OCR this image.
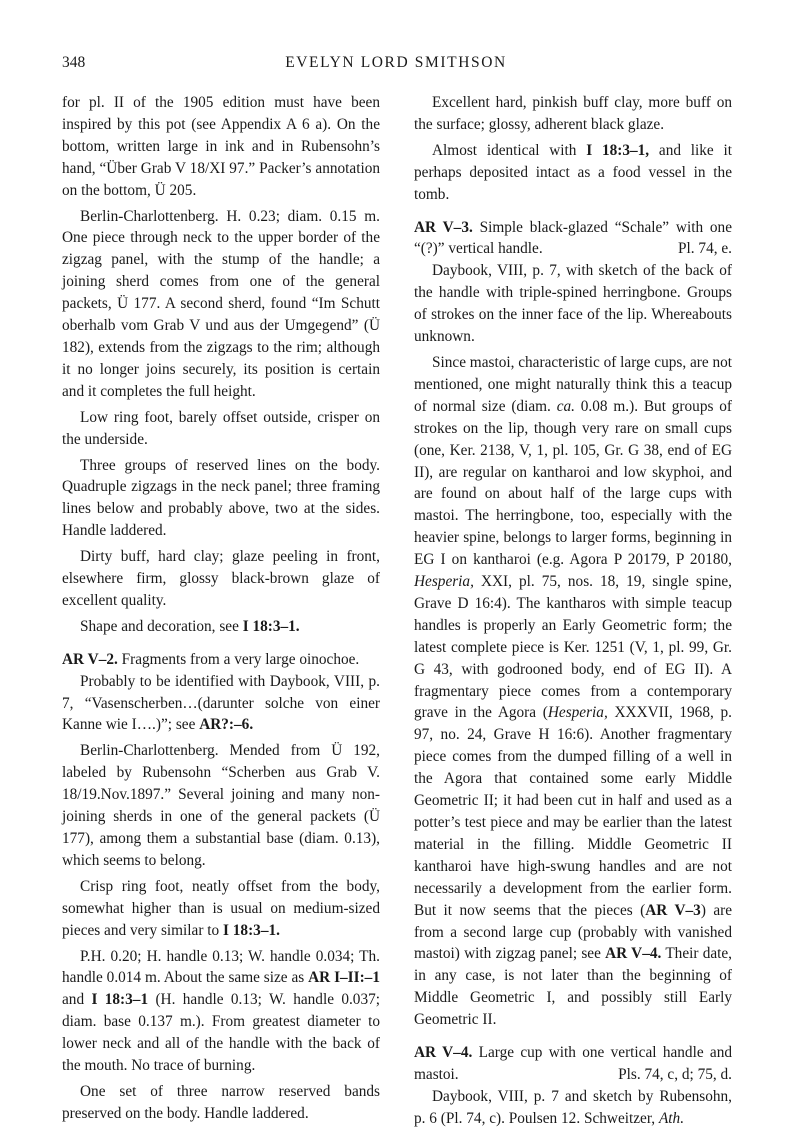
348	EVELYN LORD SMITHSON

for pl. II of the 1905 edition must have been inspired by this pot (see Appendix A 6 a). On the bottom, written large in ink and in Rubensohn’s hand, “Über Grab V 18/XI 97.” Packer’s annotation on the bottom, Ü 205.

Berlin-Charlottenberg. H. 0.23; diam. 0.15 m. One piece through neck to the upper border of the zigzag panel, with the stump of the handle; a joining sherd comes from one of the general packets, Ü 177. A second sherd, found “Im Schutt oberhalb vom Grab V und aus der Umgegend” (Ü 182), extends from the zigzags to the rim; although it no longer joins securely, its position is certain and it completes the full height.

Low ring foot, barely offset outside, crisper on the underside.

Three groups of reserved lines on the body. Quadruple zigzags in the neck panel; three framing lines below and probably above, two at the sides. Handle laddered.

Dirty buff, hard clay; glaze peeling in front, elsewhere firm, glossy black-brown glaze of excellent quality.

Shape and decoration, see I 18:3–1.

AR V–2. Fragments from a very large oinochoe.

Probably to be identified with Daybook, VIII, p. 7, “Vasenscherben…(darunter solche von einer Kanne wie I….)”; see AR?:–6.

Berlin-Charlottenberg. Mended from Ü 192, labeled by Rubensohn “Scherben aus Grab V. 18/19.Nov.1897.” Several joining and many non-joining sherds in one of the general packets (Ü 177), among them a substantial base (diam. 0.13), which seems to belong.

Crisp ring foot, neatly offset from the body, somewhat higher than is usual on medium-sized pieces and very similar to I 18:3–1.

P.H. 0.20; H. handle 0.13; W. handle 0.034; Th. handle 0.014 m. About the same size as AR I–II:–1 and I 18:3–1 (H. handle 0.13; W. handle 0.037; diam. base 0.137 m.). From greatest diameter to lower neck and all of the handle with the back of the mouth. No trace of burning.

One set of three narrow reserved bands preserved on the body. Handle laddered.

Excellent hard, pinkish buff clay, more buff on the surface; glossy, adherent black glaze.

Almost identical with I 18:3–1, and like it perhaps deposited intact as a food vessel in the tomb.

AR V–3. Simple black-glazed “Schale” with one “(?)” vertical handle.	Pl. 74, e.

Daybook, VIII, p. 7, with sketch of the back of the handle with triple-spined herringbone. Groups of strokes on the inner face of the lip. Whereabouts unknown.

Since mastoi, characteristic of large cups, are not mentioned, one might naturally think this a teacup of normal size (diam. ca. 0.08 m.). But groups of strokes on the lip, though very rare on small cups (one, Ker. 2138, V, 1, pl. 105, Gr. G 38, end of EG II), are regular on kantharoi and low skyphoi, and are found on about half of the large cups with mastoi. The herringbone, too, especially with the heavier spine, belongs to larger forms, beginning in EG I on kantharoi (e.g. Agora P 20179, P 20180, Hesperia, XXI, pl. 75, nos. 18, 19, single spine, Grave D 16:4). The kantharos with simple teacup handles is properly an Early Geometric form; the latest complete piece is Ker. 1251 (V, 1, pl. 99, Gr. G 43, with godrooned body, end of EG II). A fragmentary piece comes from a contemporary grave in the Agora (Hesperia, XXXVII, 1968, p. 97, no. 24, Grave H 16:6). Another fragmentary piece comes from the dumped filling of a well in the Agora that contained some early Middle Geometric II; it had been cut in half and used as a potter’s test piece and may be earlier than the latest material in the filling. Middle Geometric II kantharoi have high-swung handles and are not necessarily a development from the earlier form. But it now seems that the pieces (AR V–3) are from a second large cup (probably with vanished mastoi) with zigzag panel; see AR V–4. Their date, in any case, is not later than the beginning of Middle Geometric I, and possibly still Early Geometric II.

AR V–4. Large cup with one vertical handle and mastoi.	Pls. 74, c, d; 75, d.

Daybook, VIII, p. 7 and sketch by Rubensohn, p. 6 (Pl. 74, c). Poulsen 12. Schweitzer, Ath.
